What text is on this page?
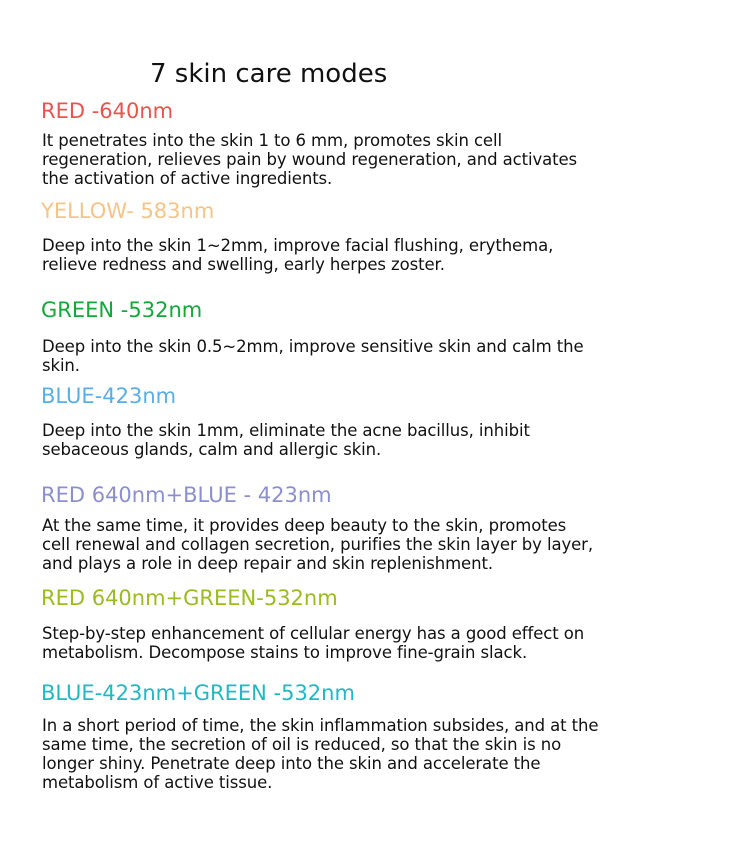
7 skin care modes
RED -640nm
It penetrates into the skin 1 to 6 mm, promotes skin cell
regeneration, relieves pain by wound regeneration, and activates
the activation of active ingredients.
YELLOW- 583nm
Deep into the skin 1~2mm, improve facial flushing, erythema,
relieve redness and swelling, early herpes zoster.
GREEN -532nm
Deep into the skin 0.5~2mm, improve sensitive skin and calm the
skin.
BLUE-423nm
Deep into the skin 1mm, eliminate the acne bacillus, inhibit
sebaceous glands, calm and allergic skin.
RED 640nm+BLUE - 423nm
At the same time, it provides deep beauty to the skin, promotes
cell renewal and collagen secretion, purifies the skin layer by layer,
and plays a role in deep repair and skin replenishment.
RED 640nm+GREEN-532nm
Step-by-step enhancement of cellular energy has a good effect on
metabolism. Decompose stains to improve fine-grain slack.
BLUE-423nm+GREEN -532nm
In a short period of time, the skin inflammation subsides, and at the
same time, the secretion of oil is reduced, so that the skin is no
longer shiny. Penetrate deep into the skin and accelerate the
metabolism of active tissue.
